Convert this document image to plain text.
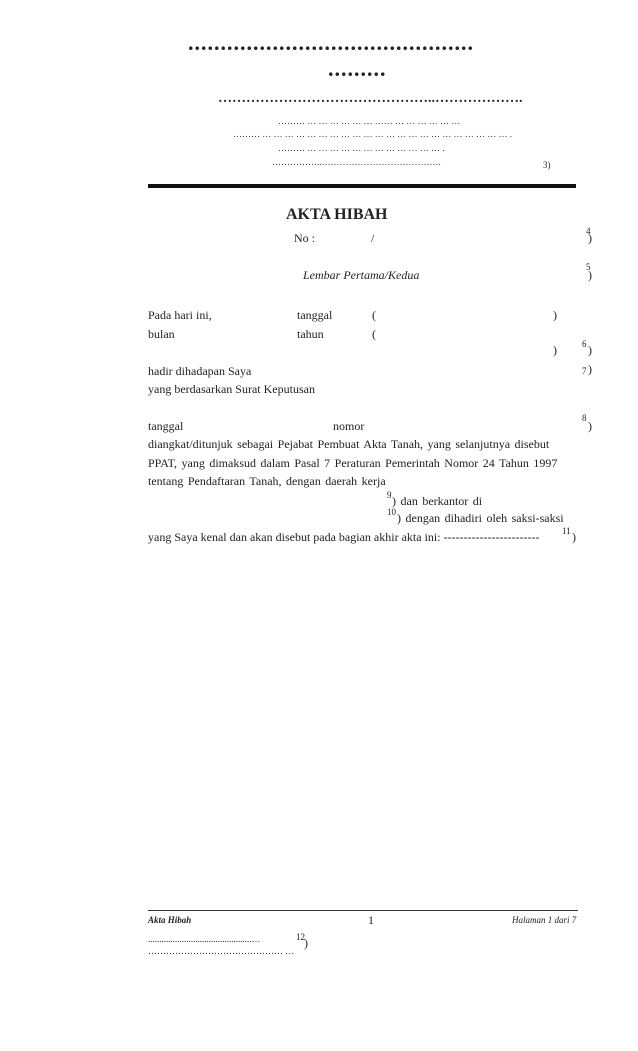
............................................
.........
………………………………………..……………….
……… … … … … … … …… … … … … … …
……… … … … … … … … … … … … … … … … … … … … … … … .
……… … … … … … … … … … … … … .
……………..………………………………….	3)
AKTA HIBAH
No :	/	4
)
Lembar Pertama/Kedua
5
)
Pada hari ini,	tanggal	(	)
bulan	tahun	(
)	6 )
hadir dihadapan Saya	7 )
yang berdasarkan Surat Keputusan
tanggal	nomor
8
)
diangkat/ditunjuk sebagai Pejabat Pembuat Akta Tanah, yang selanjutnya disebut
PPAT, yang dimaksud dalam Pasal 7 Peraturan Pemerintah Nomor 24 Tahun 1997
tentang Pendaftaran Tanah, dengan daerah kerja
9 ) dan berkantor di
10 ) dengan dihadiri oleh saksi-saksi
yang Saya kenal dan akan disebut pada bagian akhir akta ini: ------------------------	11 )
Akta Hibah	1	Halaman 1 dari 7
..............................................…	12 )
……………………………………… …
